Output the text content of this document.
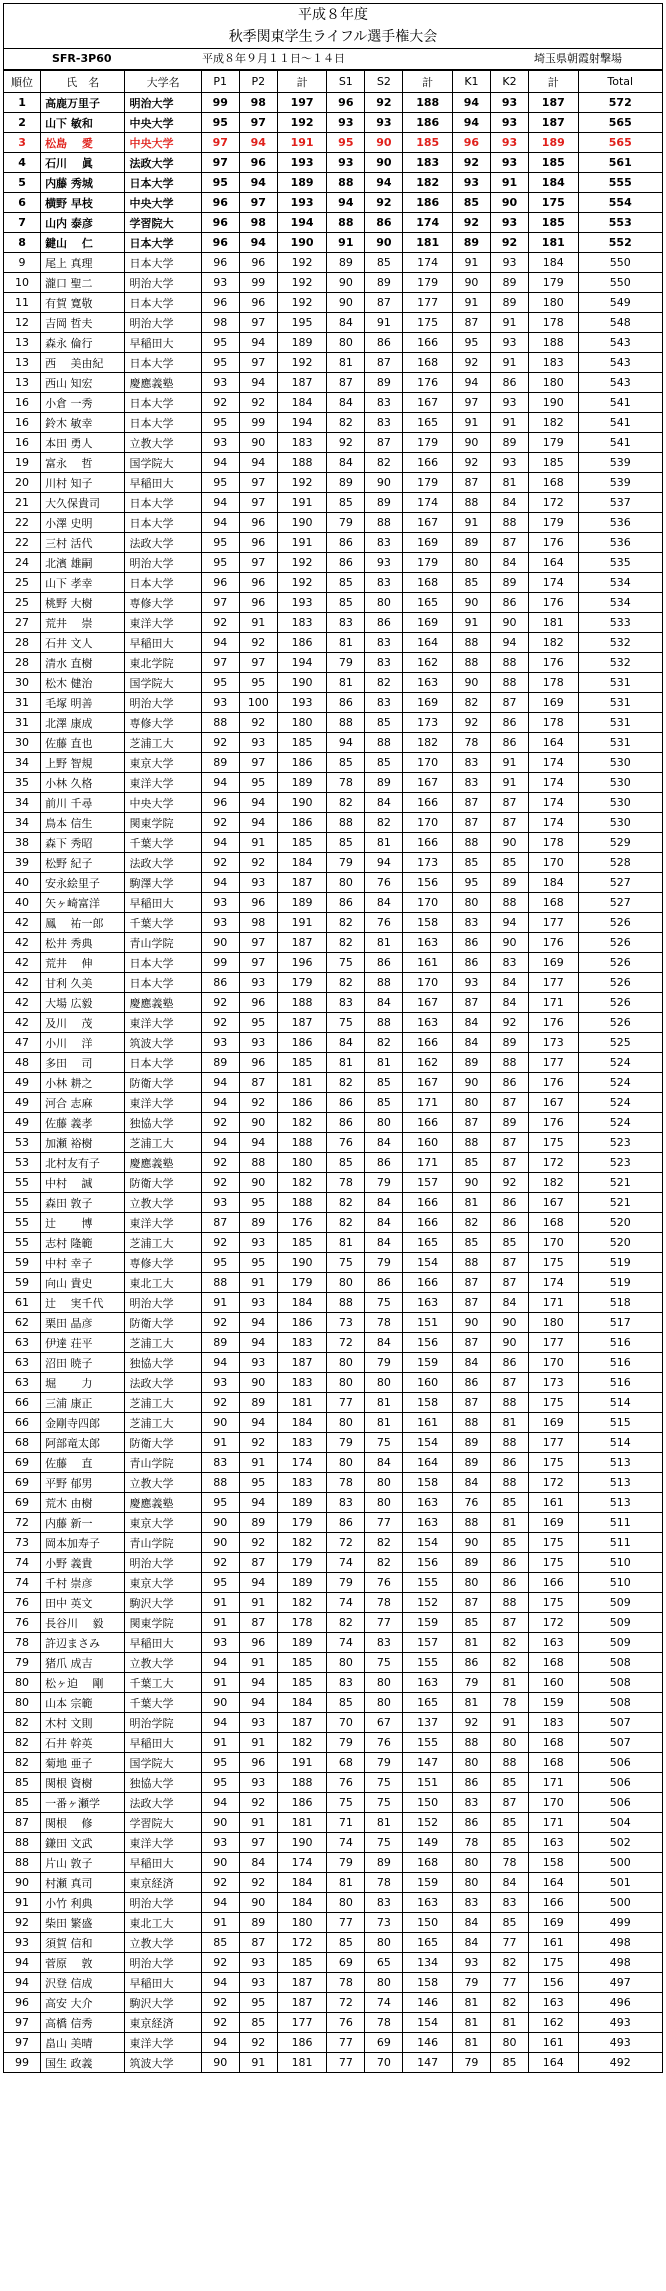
平成８年度
秋季関東学生ライフル選手権大会
SFR-3P60	平成８年９月１１日～１４日	埼玉県朝霞射撃場
順位	氏　名	大学名	P1	P2	計	S1	S2	計	K1	K2	計	Total
1	高鹿万里子	明治大学	99	98	197	96	92	188	94	93	187	572
2	山下 敏和	中央大学	95	97	192	93	93	186	94	93	187	565
3	松島 　愛	中央大学	97	94	191	95	90	185	96	93	189	565
4	石川 　眞	法政大学	97	96	193	93	90	183	92	93	185	561
5	内藤 秀城	日本大学	95	94	189	88	94	182	93	91	184	555
6	横野 早枝	中央大学	96	97	193	94	92	186	85	90	175	554
7	山内 泰彦	学習院大	96	98	194	88	86	174	92	93	185	553
8	鍵山 　仁	日本大学	96	94	190	91	90	181	89	92	181	552
9	尾上 真理	日本大学	96	96	192	89	85	174	91	93	184	550
10	瀧口 聖二	明治大学	93	99	192	90	89	179	90	89	179	550
11	有賀 寛敬	日本大学	96	96	192	90	87	177	91	89	180	549
12	吉岡 哲夫	明治大学	98	97	195	84	91	175	87	91	178	548
13	森永 倫行	早稲田大	95	94	189	80	86	166	95	93	188	543
13	西 　美由紀	日本大学	95	97	192	81	87	168	92	91	183	543
13	西山 知宏	慶應義塾	93	94	187	87	89	176	94	86	180	543
16	小倉 一秀	日本大学	92	92	184	84	83	167	97	93	190	541
16	鈴木 敏幸	日本大学	95	99	194	82	83	165	91	91	182	541
16	本田 勇人	立教大学	93	90	183	92	87	179	90	89	179	541
19	富永 　哲	国学院大	94	94	188	84	82	166	92	93	185	539
20	川村 知子	早稲田大	95	97	192	89	90	179	87	81	168	539
21	大久保貴司	日本大学	94	97	191	85	89	174	88	84	172	537
22	小澤 史明	日本大学	94	96	190	79	88	167	91	88	179	536
22	三村 活代	法政大学	95	96	191	86	83	169	89	87	176	536
24	北濱 雄嗣	明治大学	95	97	192	86	93	179	80	84	164	535
25	山下 孝幸	日本大学	96	96	192	85	83	168	85	89	174	534
25	桃野 大樹	専修大学	97	96	193	85	80	165	90	86	176	534
27	荒井 　崇	東洋大学	92	91	183	83	86	169	91	90	181	533
28	石井 文人	早稲田大	94	92	186	81	83	164	88	94	182	532
28	清水 直樹	東北学院	97	97	194	79	83	162	88	88	176	532
30	松木 健治	国学院大	95	95	190	81	82	163	90	88	178	531
31	毛塚 明善	明治大学	93	100	193	86	83	169	82	87	169	531
31	北澤 康成	専修大学	88	92	180	88	85	173	92	86	178	531
30	佐藤 直也	芝浦工大	92	93	185	94	88	182	78	86	164	531
34	上野 智規	東京大学	89	97	186	85	85	170	83	91	174	530
35	小林 久格	東洋大学	94	95	189	78	89	167	83	91	174	530
34	前川 千尋	中央大学	96	94	190	82	84	166	87	87	174	530
34	鳥本 信生	関東学院	92	94	186	88	82	170	87	87	174	530
38	森下 秀昭	千葉大学	94	91	185	85	81	166	88	90	178	529
39	松野 紀子	法政大学	92	92	184	79	94	173	85	85	170	528
40	安永絵里子	駒澤大学	94	93	187	80	76	156	95	89	184	527
40	矢ヶ崎富洋	早稲田大	93	96	189	86	84	170	80	88	168	527
42	鳳 　祐一郎	千葉大学	93	98	191	82	76	158	83	94	177	526
42	松井 秀典	青山学院	90	97	187	82	81	163	86	90	176	526
42	荒井 　伸	日本大学	99	97	196	75	86	161	86	83	169	526
42	甘利 久美	日本大学	86	93	179	82	88	170	93	84	177	526
42	大場 広毅	慶應義塾	92	96	188	83	84	167	87	84	171	526
42	及川 　茂	東洋大学	92	95	187	75	88	163	84	92	176	526
47	小川 　洋	筑波大学	93	93	186	84	82	166	84	89	173	525
48	多田 　司	日本大学	89	96	185	81	81	162	89	88	177	524
49	小林 耕之	防衛大学	94	87	181	82	85	167	90	86	176	524
49	河合 志麻	東洋大学	94	92	186	86	85	171	80	87	167	524
49	佐藤 義孝	独協大学	92	90	182	86	80	166	87	89	176	524
53	加瀬 裕樹	芝浦工大	94	94	188	76	84	160	88	87	175	523
53	北村友有子	慶應義塾	92	88	180	85	86	171	85	87	172	523
55	中村 　誠	防衛大学	92	90	182	78	79	157	90	92	182	521
55	森田 敦子	立教大学	93	95	188	82	84	166	81	86	167	521
55	辻 　　博	東洋大学	87	89	176	82	84	166	82	86	168	520
55	志村 隆範	芝浦工大	92	93	185	81	84	165	85	85	170	520
59	中村 幸子	専修大学	95	95	190	75	79	154	88	87	175	519
59	向山 貴史	東北工大	88	91	179	80	86	166	87	87	174	519
61	辻 　実千代	明治大学	91	93	184	88	75	163	87	84	171	518
62	栗田 晶彦	防衛大学	92	94	186	73	78	151	90	90	180	517
63	伊達 荘平	芝浦工大	89	94	183	72	84	156	87	90	177	516
63	沼田 暁子	独協大学	94	93	187	80	79	159	84	86	170	516
63	堀 　　力	法政大学	93	90	183	80	80	160	86	87	173	516
66	三浦 康正	芝浦工大	92	89	181	77	81	158	87	88	175	514
66	金剛寺四郎	芝浦工大	90	94	184	80	81	161	88	81	169	515
68	阿部竜太郎	防衛大学	91	92	183	79	75	154	89	88	177	514
69	佐藤 　直	青山学院	83	91	174	80	84	164	89	86	175	513
69	平野 郁男	立教大学	88	95	183	78	80	158	84	88	172	513
69	荒木 由樹	慶應義塾	95	94	189	83	80	163	76	85	161	513
72	内藤 新一	東京大学	90	89	179	86	77	163	88	81	169	511
73	岡本加寿子	青山学院	90	92	182	72	82	154	90	85	175	511
74	小野 義貴	明治大学	92	87	179	74	82	156	89	86	175	510
74	千村 崇彦	東京大学	95	94	189	79	76	155	80	86	166	510
76	田中 英文	駒沢大学	91	91	182	74	78	152	87	88	175	509
76	長谷川 　毅	関東学院	91	87	178	82	77	159	85	87	172	509
78	許辺まさみ	早稲田大	93	96	189	74	83	157	81	82	163	509
79	猪爪 成吉	立教大学	94	91	185	80	75	155	86	82	168	508
80	松ヶ迫 　剛	千葉工大	91	94	185	83	80	163	79	81	160	508
80	山本 宗範	千葉大学	90	94	184	85	80	165	81	78	159	508
82	木村 文則	明治学院	94	93	187	70	67	137	92	91	183	507
82	石井 幹英	早稲田大	91	91	182	79	76	155	88	80	168	507
82	菊地 亜子	国学院大	95	96	191	68	79	147	80	88	168	506
85	関根 資樹	独協大学	95	93	188	76	75	151	86	85	171	506
85	一番ヶ瀬学	法政大学	94	92	186	75	75	150	83	87	170	506
87	関根 　修	学習院大	90	91	181	71	81	152	86	85	171	504
88	鎌田 文武	東洋大学	93	97	190	74	75	149	78	85	163	502
88	片山 敦子	早稲田大	90	84	174	79	89	168	80	78	158	500
90	村瀬 真司	東京経済	92	92	184	81	78	159	80	84	164	501
91	小竹 利典	明治大学	94	90	184	80	83	163	83	83	166	500
92	柴田 繁盛	東北工大	91	89	180	77	73	150	84	85	169	499
93	須賀 信和	立教大学	85	87	172	85	80	165	84	77	161	498
94	菅原 　敦	明治大学	92	93	185	69	65	134	93	82	175	498
94	沢登 信成	早稲田大	94	93	187	78	80	158	79	77	156	497
96	高安 大介	駒沢大学	92	95	187	72	74	146	81	82	163	496
97	高橋 信秀	東京経済	92	85	177	76	78	154	81	81	162	493
97	畠山 美晴	東洋大学	94	92	186	77	69	146	81	80	161	493
99	国生 政義	筑波大学	90	91	181	77	70	147	79	85	164	492
